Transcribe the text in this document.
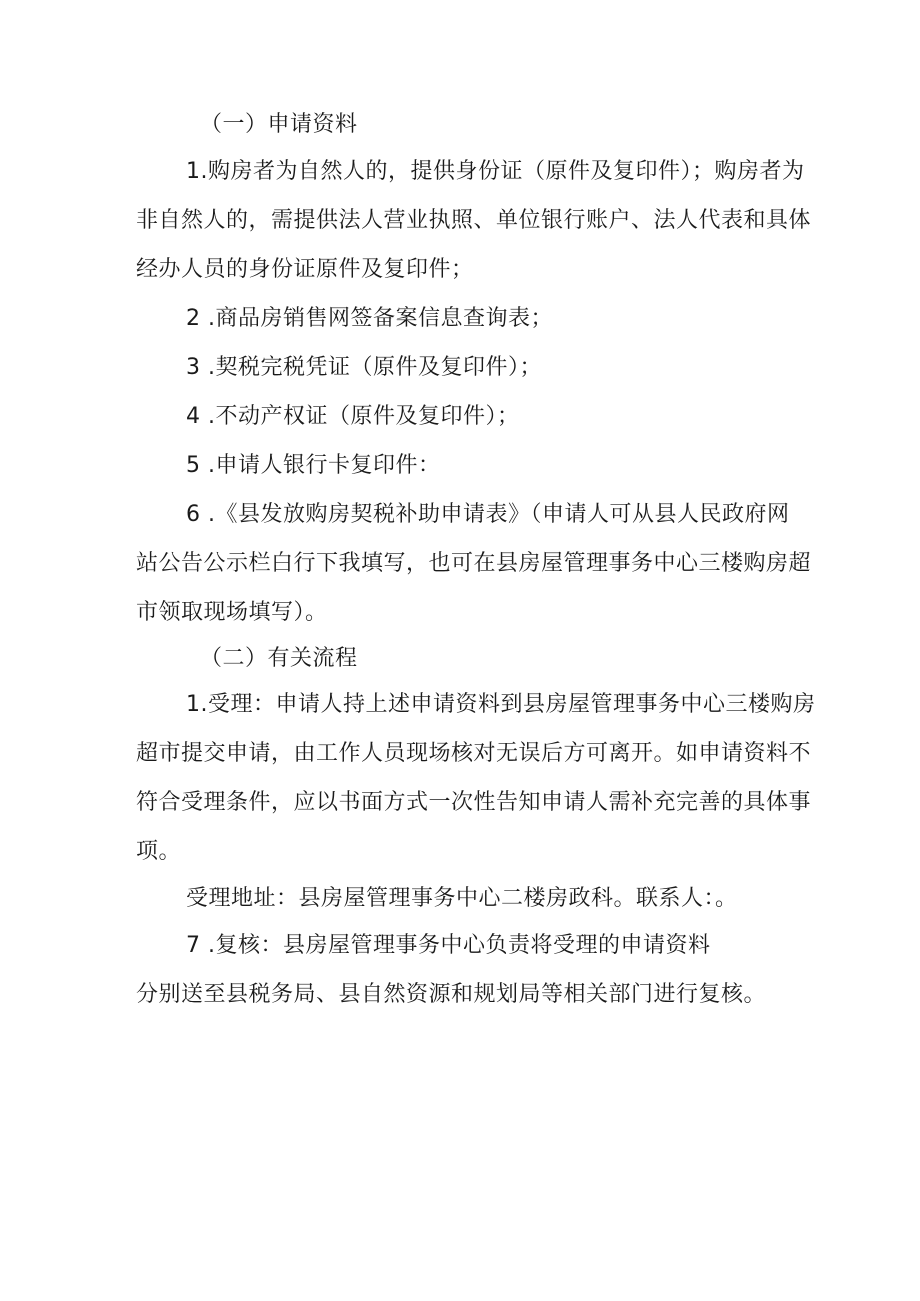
（一）申请资料
1.购房者为自然人的，提供身份证（原件及复印件）；购房者为
非自然人的，需提供法人营业执照、单位银行账户、法人代表和具体
经办人员的身份证原件及复印件；
2 .商品房销售网签备案信息查询表；
3 .契税完税凭证（原件及复印件）；
4 .不动产权证（原件及复印件）；
5 .申请人银行卡复印件：
6 .《县发放购房契税补助申请表》（申请人可从县人民政府网
站公告公示栏白行下我填写，也可在县房屋管理事务中心三楼购房超
市领取现场填写）。
（二）有关流程
1.受理：申请人持上述申请资料到县房屋管理事务中心三楼购房
超市提交申请，由工作人员现场核对无误后方可离开。如申请资料不
符合受理条件，应以书面方式一次性告知申请人需补充完善的具体事
项。
受理地址：县房屋管理事务中心二楼房政科。联系人：。
7 .复核：县房屋管理事务中心负责将受理的申请资料
分别送至县税务局、县自然资源和规划局等相关部门进行复核。
